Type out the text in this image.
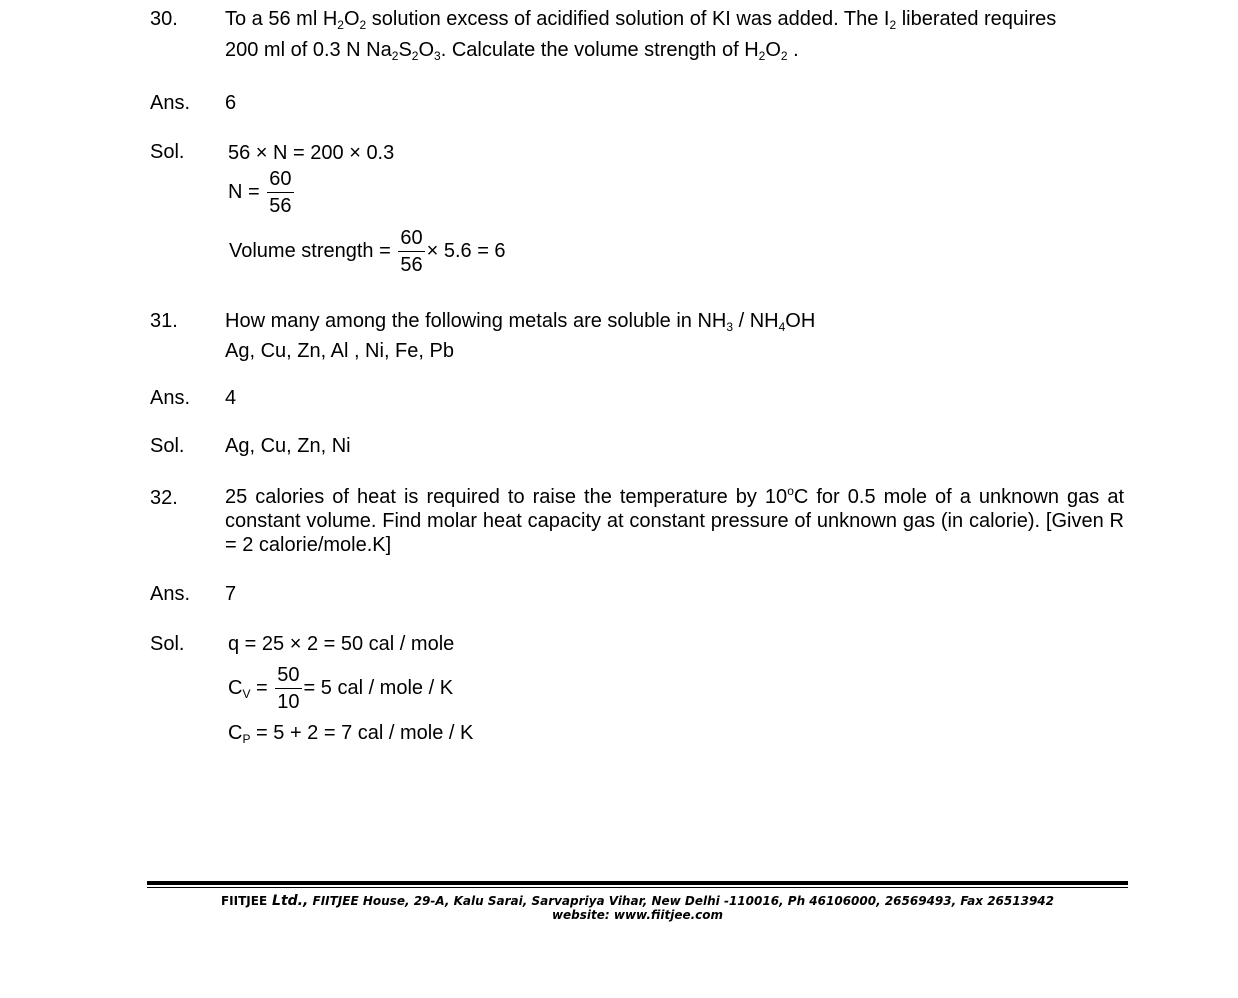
30. To a 56 ml $H_2O_2$ solution excess of acidified solution of KI was added. The $I_2$ liberated requires
200 ml of 0.3 N $Na_2S_2O_3$. Calculate the volume strength of $H_2O_2$ .
Ans. 6
Sol. 56 × N = 200 × 0.3
$N = \frac{60}{56}$
Volume strength = $\frac{60}{56} \times 5.6 = 6$
31. How many among the following metals are soluble in $NH_3 / NH_4OH$
Ag, Cu, Zn, Al , Ni, Fe, Pb
Ans. 4
Sol. Ag, Cu, Zn, Ni
32. 25 calories of heat is required to raise the temperature by 10$^o$C for 0.5 mole of a unknown gas at constant volume. Find molar heat capacity at constant pressure of unknown gas (in calorie). [Given R = 2 calorie/mole.K]
Ans. 7
Sol. q = 25 × 2 = 50 cal / mole
$C_V = \frac{50}{10} = 5$ cal / mole / K
$C_P = 5 + 2 = 7$ cal / mole / K
FIITJEE Ltd., FIITJEE House, 29-A, Kalu Sarai, Sarvapriya Vihar, New Delhi -110016, Ph 46106000, 26569493, Fax 26513942
website: www.fiitjee.com
